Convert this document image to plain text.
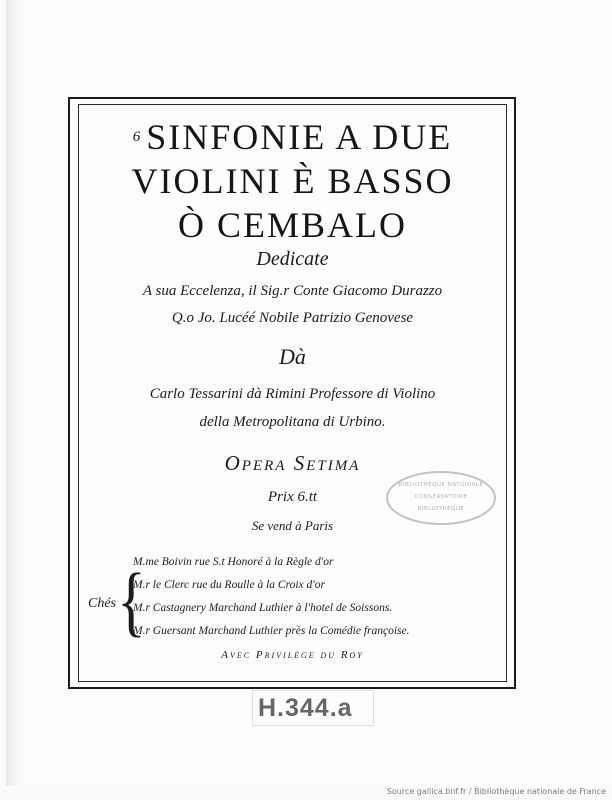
$^6$ SINFONIE A DUE
VIOLINI È BASSO
Ò CEMBALO
Dedicate
A sua Eccelenza, il Sig.r Conte Giacomo Durazzo
Q.o Jo. Lucéé Nobile Patrizio Genovese
Dà
Carlo Tessarini dà Rimini Professore di Violino
della Metropolitana di Urbino.
Opera Setima
Prix 6.tt
Se vend à Paris
BIBLIOTHÈQUE NATIONALE
CONSERVATOIRE
BIBLIOTHÈQUE
Chés {
M.me Boivin rue S.t Honoré à la Règle d'or
M.r le Clerc rue du Roulle à la Croix d'or
M.r Castagnery Marchand Luthier à l'hotel de Soissons.
M.r Guersant Marchand Luthier près la Comédie françoise.
Avec Privilége du Roy
H.344.a
Source gallica.bnf.fr / Bibliothèque nationale de France
